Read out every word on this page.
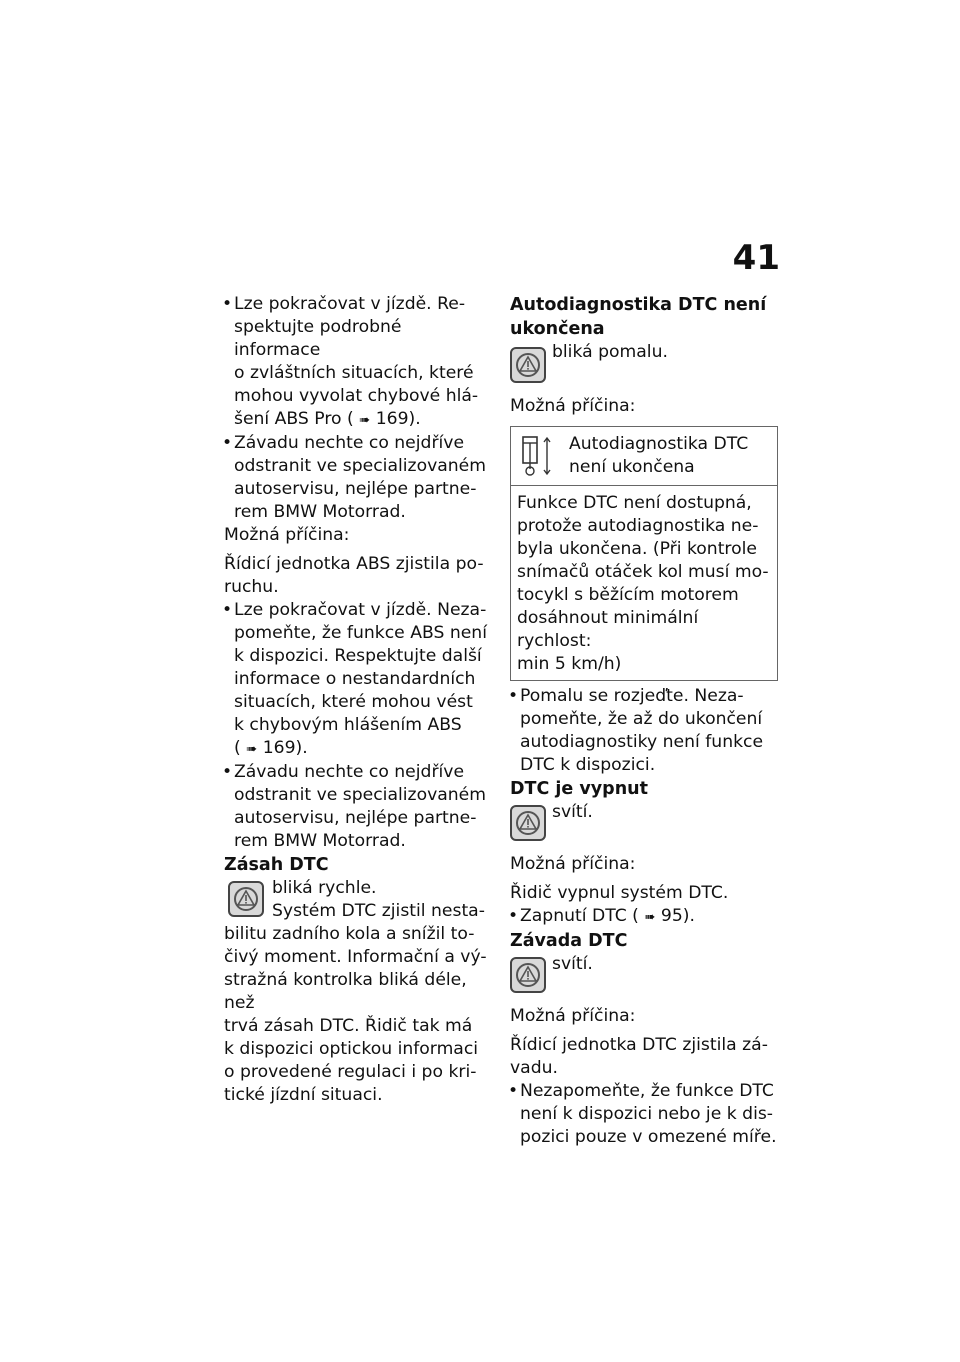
41
• Lze pokračovat v jízdě. Re-
spektujte podrobné informace
o zvláštních situacích, které
mohou vyvolat chybové hlá-
šení ABS Pro ( ➠ 169).
• Závadu nechte co nejdříve
odstranit ve specializovaném
autoservisu, nejlépe partne-
rem BMW Motorrad.
Možná příčina:
Řídicí jednotka ABS zjistila po-
ruchu.
• Lze pokračovat v jízdě. Neza-
pomeňte, že funkce ABS není
k dispozici. Respektujte další
informace o nestandardních
situacích, které mohou vést
k chybovým hlášením ABS
( ➠ 169).
• Závadu nechte co nejdříve
odstranit ve specializovaném
autoservisu, nejlépe partne-
rem BMW Motorrad.
Zásah DTC
bliká rychle.
Systém DTC zjistil nesta-
bilitu zadního kola a snížil to-
čivý moment. Informační a vý-
stražná kontrolka bliká déle, než
trvá zásah DTC. Řidič tak má
k dispozici optickou informaci
o provedené regulaci i po kri-
tické jízdní situaci.
Autodiagnostika DTC není
ukončena
bliká pomalu.
Možná příčina:
Autodiagnostika DTC
není ukončena
Funkce DTC není dostupná,
protože autodiagnostika ne-
byla ukončena. (Při kontrole
snímačů otáček kol musí mo-
tocykl s běžícím motorem
dosáhnout minimální rychlost:
min 5 km/h)
• Pomalu se rozjeďte. Neza-
pomeňte, že až do ukončení
autodiagnostiky není funkce
DTC k dispozici.
DTC je vypnut
svítí.
Možná příčina:
Řidič vypnul systém DTC.
• Zapnutí DTC ( ➠ 95).
Závada DTC
svítí.
Možná příčina:
Řídicí jednotka DTC zjistila zá-
vadu.
• Nezapomeňte, že funkce DTC
není k dispozici nebo je k dis-
pozici pouze v omezené míře.
